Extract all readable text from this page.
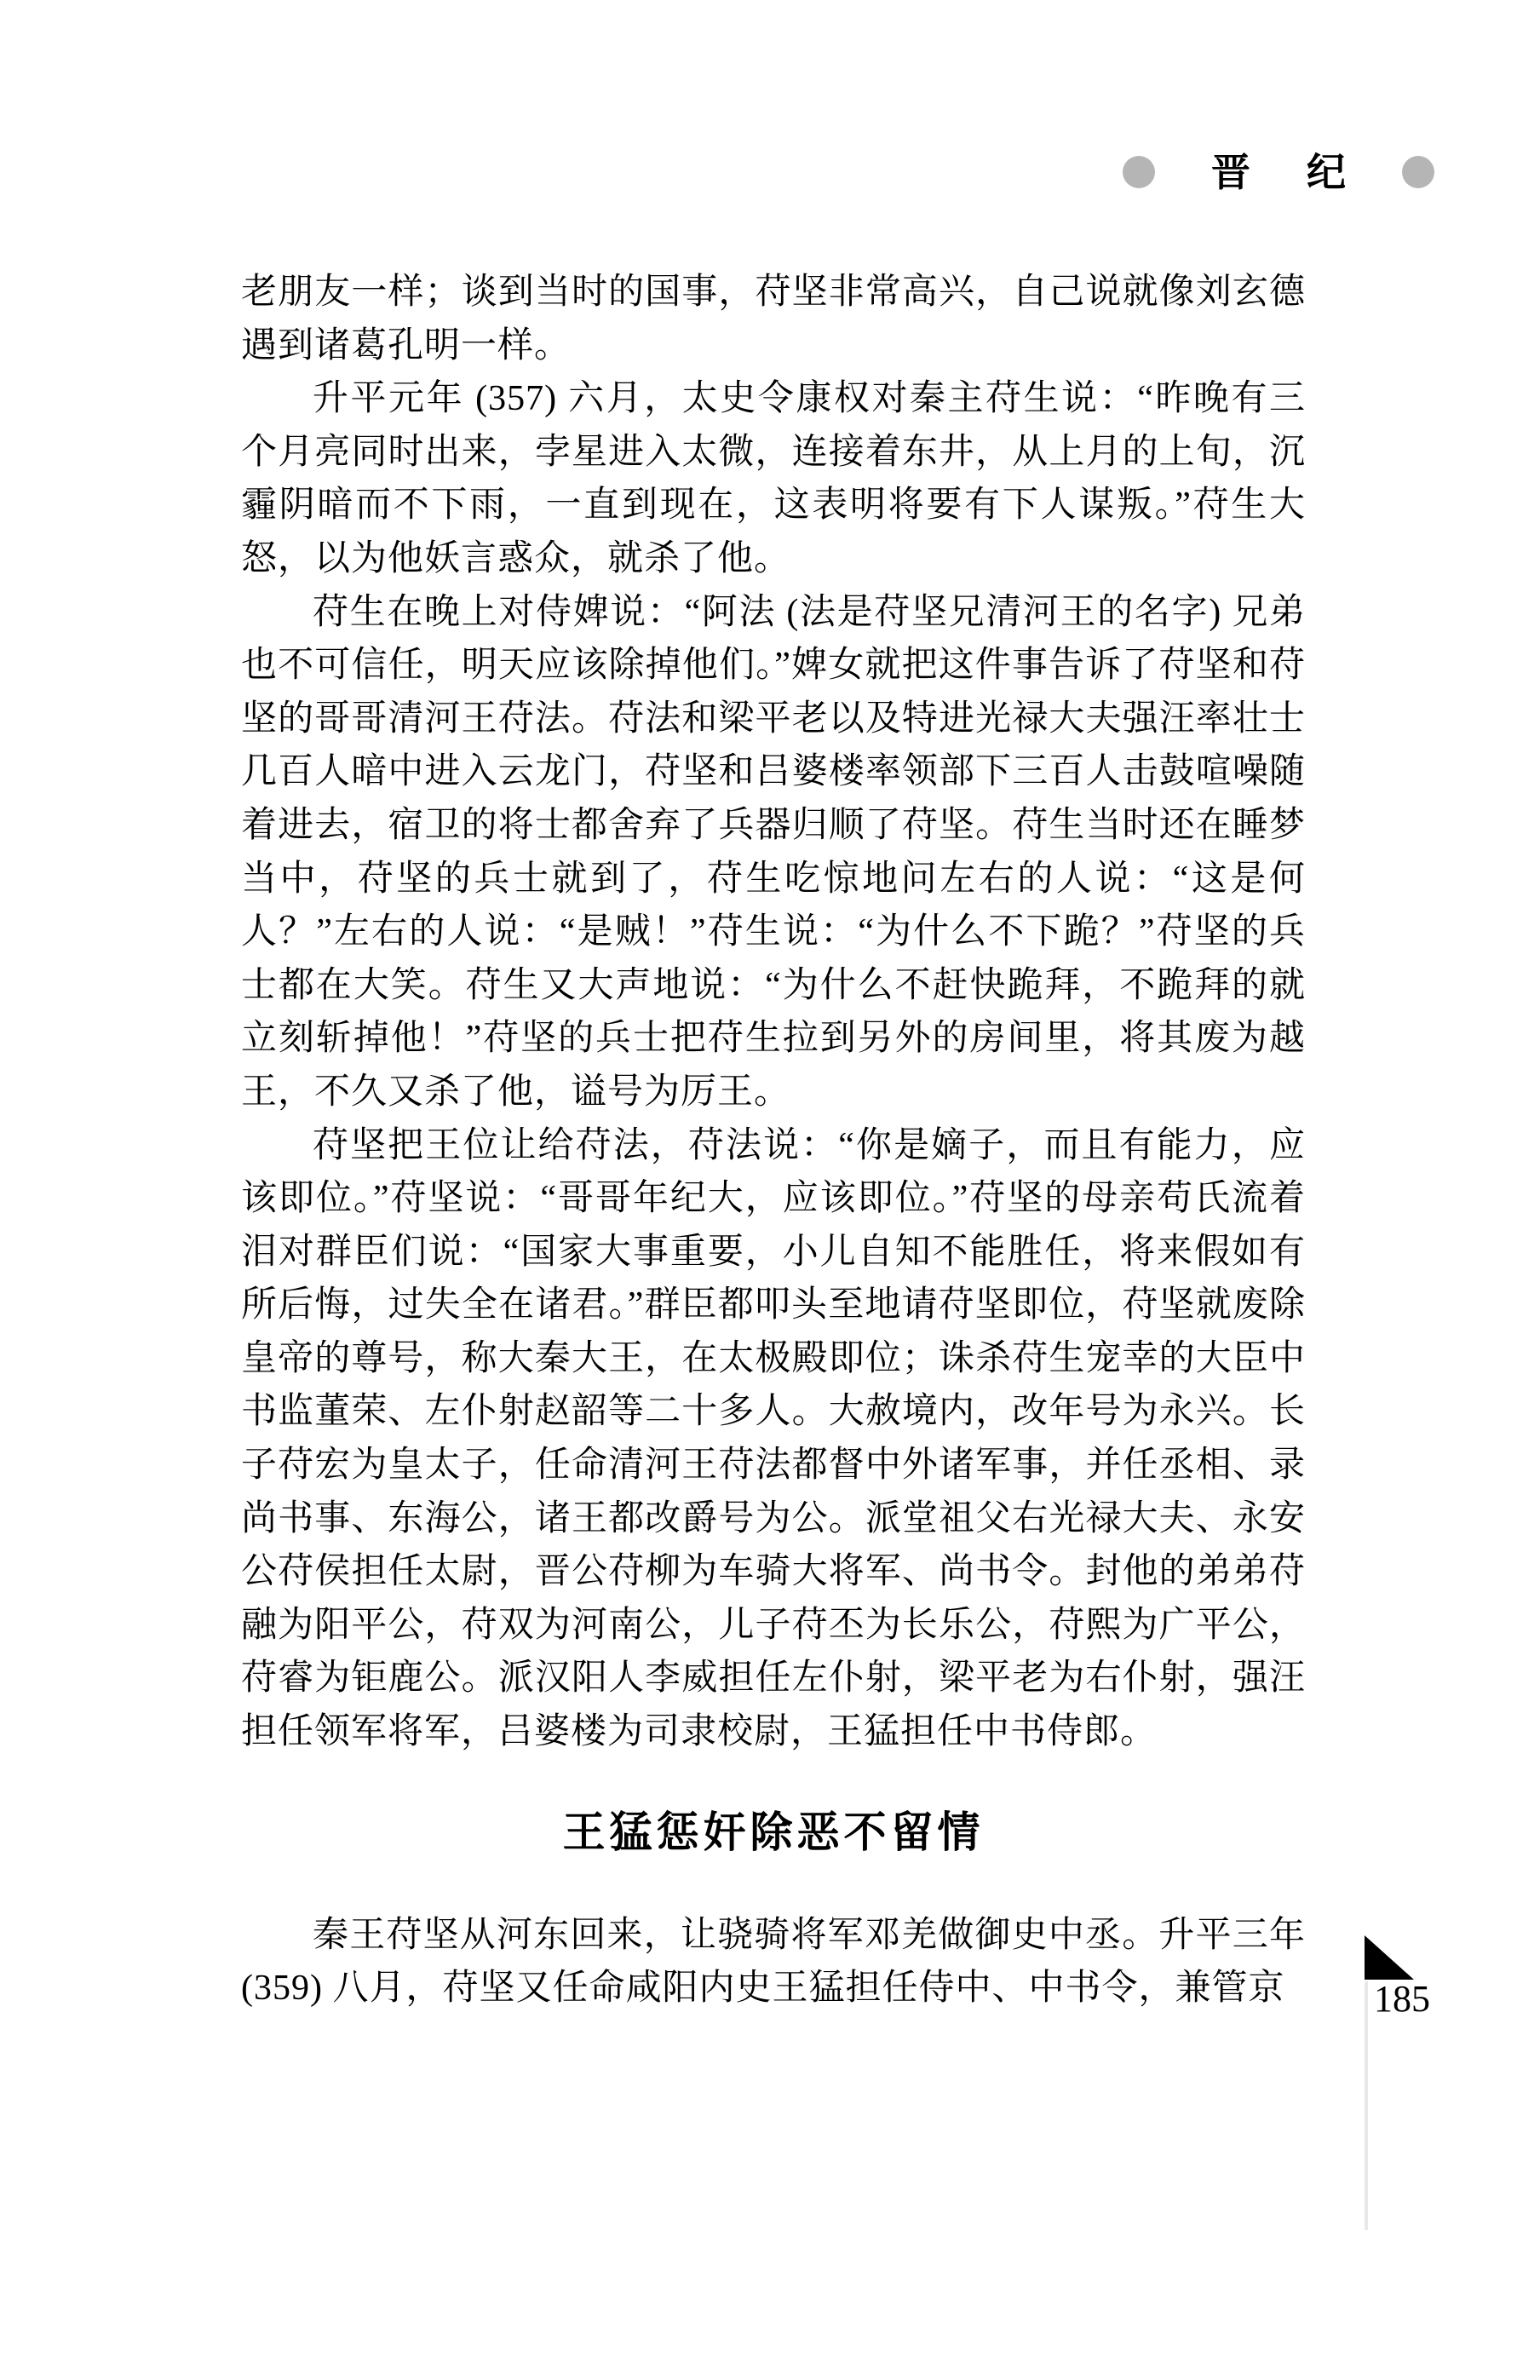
晋 纪

老朋友一样；谈到当时的国事，苻坚非常高兴，自己说就像刘玄德遇到诸葛孔明一样。

升平元年 (357) 六月，太史令康权对秦主苻生说：“昨晚有三个月亮同时出来，孛星进入太微，连接着东井，从上月的上旬，沉霾阴暗而不下雨，一直到现在，这表明将要有下人谋叛。”苻生大怒，以为他妖言惑众，就杀了他。

苻生在晚上对侍婢说：“阿法 (法是苻坚兄清河王的名字) 兄弟也不可信任，明天应该除掉他们。”婢女就把这件事告诉了苻坚和苻坚的哥哥清河王苻法。苻法和梁平老以及特进光禄大夫强汪率壮士几百人暗中进入云龙门，苻坚和吕婆楼率领部下三百人击鼓喧噪随着进去，宿卫的将士都舍弃了兵器归顺了苻坚。苻生当时还在睡梦当中，苻坚的兵士就到了，苻生吃惊地问左右的人说：“这是何人？”左右的人说：“是贼！”苻生说：“为什么不下跪？”苻坚的兵士都在大笑。苻生又大声地说：“为什么不赶快跪拜，不跪拜的就立刻斩掉他！”苻坚的兵士把苻生拉到另外的房间里，将其废为越王，不久又杀了他，谥号为厉王。

苻坚把王位让给苻法，苻法说：“你是嫡子，而且有能力，应该即位。”苻坚说：“哥哥年纪大，应该即位。”苻坚的母亲苟氏流着泪对群臣们说：“国家大事重要，小儿自知不能胜任，将来假如有所后悔，过失全在诸君。”群臣都叩头至地请苻坚即位，苻坚就废除皇帝的尊号，称大秦大王，在太极殿即位；诛杀苻生宠幸的大臣中书监董荣、左仆射赵韶等二十多人。大赦境内，改年号为永兴。长子苻宏为皇太子，任命清河王苻法都督中外诸军事，并任丞相、录尚书事、东海公，诸王都改爵号为公。派堂祖父右光禄大夫、永安公苻侯担任太尉，晋公苻柳为车骑大将军、尚书令。封他的弟弟苻融为阳平公，苻双为河南公，儿子苻丕为长乐公，苻熙为广平公，苻睿为钜鹿公。派汉阳人李威担任左仆射，梁平老为右仆射，强汪担任领军将军，吕婆楼为司隶校尉，王猛担任中书侍郎。

王猛惩奸除恶不留情

秦王苻坚从河东回来，让骁骑将军邓羌做御史中丞。升平三年 (359) 八月，苻坚又任命咸阳内史王猛担任侍中、中书令，兼管京	185
